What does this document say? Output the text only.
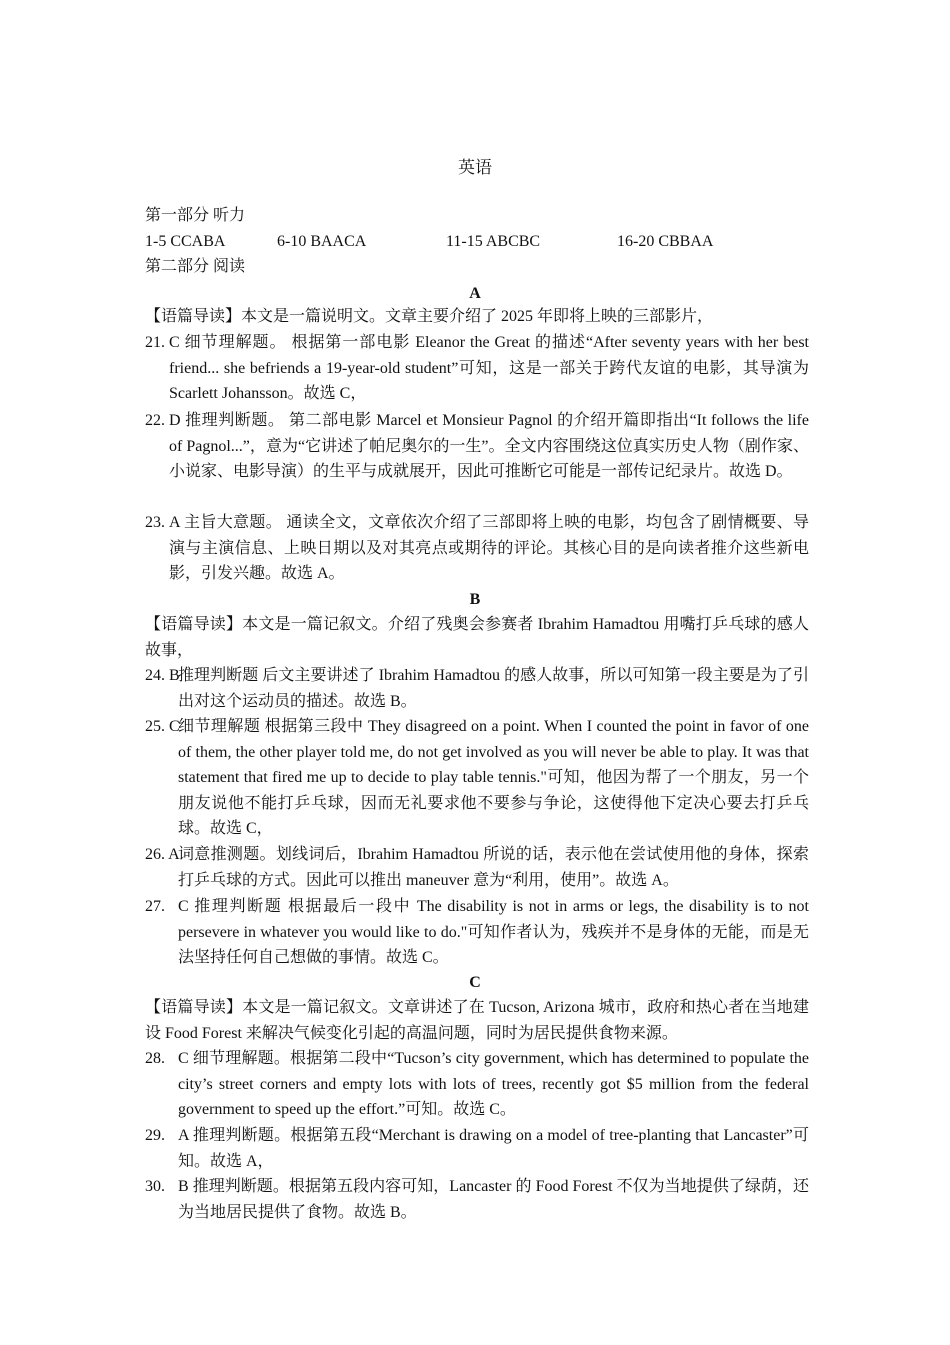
英语
第一部分 听力
1-5 CCABA	6-10 BAACA	11-15 ABCBC	16-20 CBBAA
第二部分 阅读
A
【语篇导读】本文是一篇说明文。文章主要介绍了 2025 年即将上映的三部影片，
21. C 细节理解题。 根据第一部电影 Eleanor the Great 的描述“After seventy years with her best friend... she befriends a 19-year-old student”可知，这是一部关于跨代友谊的电影，其导演为 Scarlett Johansson。故选 C，
22. D 推理判断题。 第二部电影 Marcel et Monsieur Pagnol 的介绍开篇即指出“It follows the life of Pagnol...”，意为“它讲述了帕尼奥尔的一生”。全文内容围绕这位真实历史人物（剧作家、小说家、电影导演）的生平与成就展开，因此可推断它可能是一部传记纪录片。故选 D。
23. A 主旨大意题。 通读全文，文章依次介绍了三部即将上映的电影，均包含了剧情概要、导演与主演信息、上映日期以及对其亮点或期待的评论。其核心目的是向读者推介这些新电影，引发兴趣。故选 A。
B
【语篇导读】本文是一篇记叙文。介绍了残奥会参赛者 Ibrahim Hamadtou 用嘴打乒乓球的感人故事，
24. B
推理判断题 后文主要讲述了 Ibrahim Hamadtou 的感人故事，所以可知第一段主要是为了引出对这个运动员的描述。故选 B。
25. C
细节理解题 根据第三段中 They disagreed on a point. When I counted the point in favor of one of them, the other player told me, do not get involved as you will never be able to play. It was that statement that fired me up to decide to play table tennis."可知，他因为帮了一个朋友，另一个朋友说他不能打乒乓球，因而无礼要求他不要参与争论，这使得他下定决心要去打乒乓球。故选 C，
26. A
词意推测题。划线词后，Ibrahim Hamadtou 所说的话，表示他在尝试使用他的身体，探索打乒乓球的方式。因此可以推出 maneuver 意为“利用，使用”。故选 A。
27. C 推理判断题 根据最后一段中 The disability is not in arms or legs, the disability is to not persevere in whatever you would like to do."可知作者认为，残疾并不是身体的无能，而是无法坚持任何自己想做的事情。故选 C。
C
【语篇导读】本文是一篇记叙文。文章讲述了在 Tucson, Arizona 城市，政府和热心者在当地建设 Food Forest 来解决气候变化引起的高温问题，同时为居民提供食物来源。
28. C 细节理解题。根据第二段中“Tucson’s city government, which has determined to populate the city’s street corners and empty lots with lots of trees, recently got $5 million from the federal government to speed up the effort.”可知。故选 C。
29. A 推理判断题。根据第五段“Merchant is drawing on a model of tree-planting that Lancaster”可知。故选 A，
30. B 推理判断题。根据第五段内容可知，Lancaster 的 Food Forest 不仅为当地提供了绿荫，还为当地居民提供了食物。故选 B。
